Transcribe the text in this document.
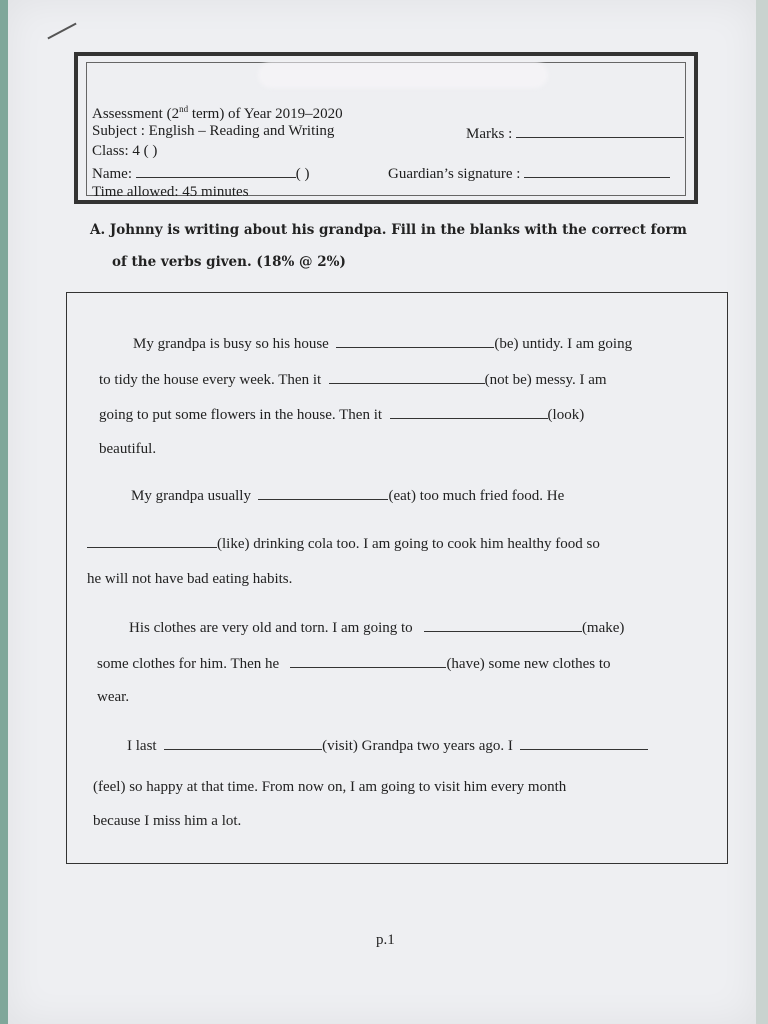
Assessment (2nd term) of Year 2019–2020
Subject : English – Reading and Writing	Marks :
Class: 4 ( )
Name:	( )	Guardian’s signature :
Time allowed: 45 minutes
A. Johnny is writing about his grandpa. Fill in the blanks with the correct form
of the verbs given. (18% @ 2%)
My grandpa is busy so his house	(be) untidy. I am going
to tidy the house every week. Then it	(not be) messy. I am
going to put some flowers in the house. Then it	(look)
beautiful.
My grandpa usually	(eat) too much fried food. He
(like) drinking cola too. I am going to cook him healthy food so
he will not have bad eating habits.
His clothes are very old and torn. I am going to	(make)
some clothes for him. Then he	(have) some new clothes to
wear.
I last	(visit) Grandpa two years ago. I
(feel) so happy at that time. From now on, I am going to visit him every month
because I miss him a lot.
p.1
